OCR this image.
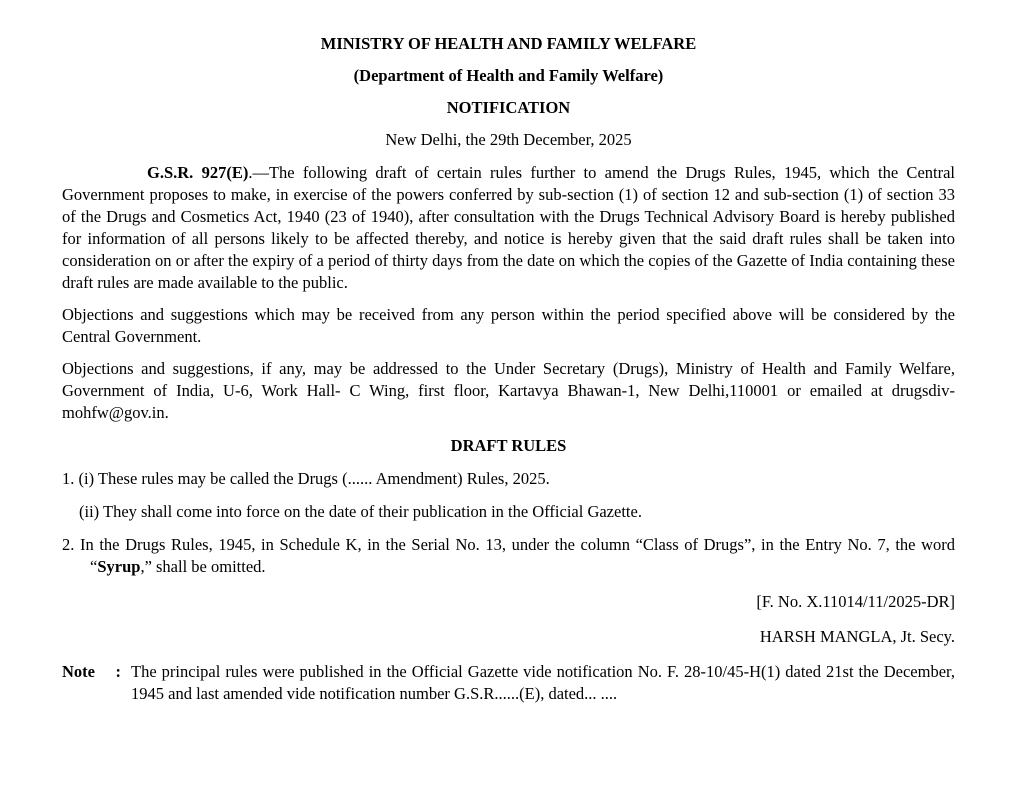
MINISTRY OF HEALTH AND FAMILY WELFARE
(Department of Health and Family Welfare)
NOTIFICATION
New Delhi, the 29th December, 2025

G.S.R. 927(E).—The following draft of certain rules further to amend the Drugs Rules, 1945, which the Central Government proposes to make, in exercise of the powers conferred by sub-section (1) of section 12 and sub-section (1) of section 33 of the Drugs and Cosmetics Act, 1940 (23 of 1940), after consultation with the Drugs Technical Advisory Board is hereby published for information of all persons likely to be affected thereby, and notice is hereby given that the said draft rules shall be taken into consideration on or after the expiry of a period of thirty days from the date on which the copies of the Gazette of India containing these draft rules are made available to the public.

Objections and suggestions which may be received from any person within the period specified above will be considered by the Central Government.

Objections and suggestions, if any, may be addressed to the Under Secretary (Drugs), Ministry of Health and Family Welfare, Government of India, U-6, Work Hall- C Wing, first floor, Kartavya Bhawan-1, New Delhi,110001 or emailed at drugsdiv-mohfw@gov.in.

DRAFT RULES

1. (i) These rules may be called the Drugs (...... Amendment) Rules, 2025.

(ii) They shall come into force on the date of their publication in the Official Gazette.

2. In the Drugs Rules, 1945, in Schedule K, in the Serial No. 13, under the column “Class of Drugs”, in the Entry No. 7, the word “Syrup,” shall be omitted.

[F. No. X.11014/11/2025-DR]
HARSH MANGLA, Jt. Secy.
Note : The principal rules were published in the Official Gazette vide notification No. F. 28-10/45-H(1) dated 21st the December, 1945 and last amended vide notification number G.S.R......(E), dated... ....
